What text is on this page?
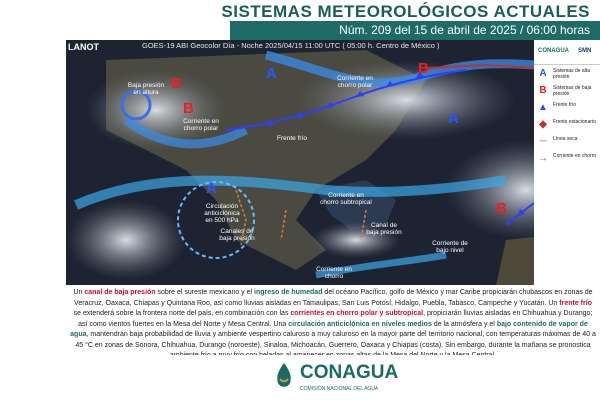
SISTEMAS METEOROLÓGICOS ACTUALES
Núm. 209 del 15 de abril de 2025 / 06:00 horas
LANOT	GOES-19 ABI Geocolor Día - Noche 2025/04/15 11:00 UTC ( 05:00 h. Centro de México )
A
A
A
B
B
B
B
Baja presión en altura
Corriente en chorro polar
Frente frío
Corriente en chorro polar
Corriente en chorro subtropical
Circulación anticiclónica en 500 hPa
Canales de baja presión
Canal de baja presión
Corriente de bajo nivel
Corriente en chorro
CONAGUA SMN
A	Sistemas de alta presión
B	Sistemas de baja presión
▲	Frente frío
◆	Frente estacionario
─	Línea seca
→	Corriente en chorro
Un canal de baja presión sobre el sureste mexicano y el ingreso de humedad del océano Pacífico, golfo de México y mar Caribe propiciarán chubascos en zonas de Veracruz, Oaxaca, Chiapas y Quintana Roo, así como lluvias aisladas en Tamaulipas, San Luis Potosí, Hidalgo, Puebla, Tabasco, Campeche y Yucatán. Un frente frío se extenderá sobre la frontera norte del país, en combinación con las corrientes en chorro polar y subtropical, propiciarán lluvias aisladas en Chihuahua y Durango; así como vientos fuertes en la Mesa del Norte y Mesa Central. Una circulación anticiclónica en niveles medios de la atmósfera y el bajo contenido de vapor de agua, mantendrán baja probabilidad de lluvia y ambiente vespertino caluroso a muy caluroso en la mayor parte del territorio nacional, con temperaturas máximas de 40 a 45 °C en zonas de Sonora, Chihuahua, Durango (noroeste), Sinaloa, Michoacán, Guerrero, Oaxaca y Chiapas (costa). Sin embargo, durante la mañana se pronostica
CONAGUA
COMISIÓN NACIONAL DEL AGUA
